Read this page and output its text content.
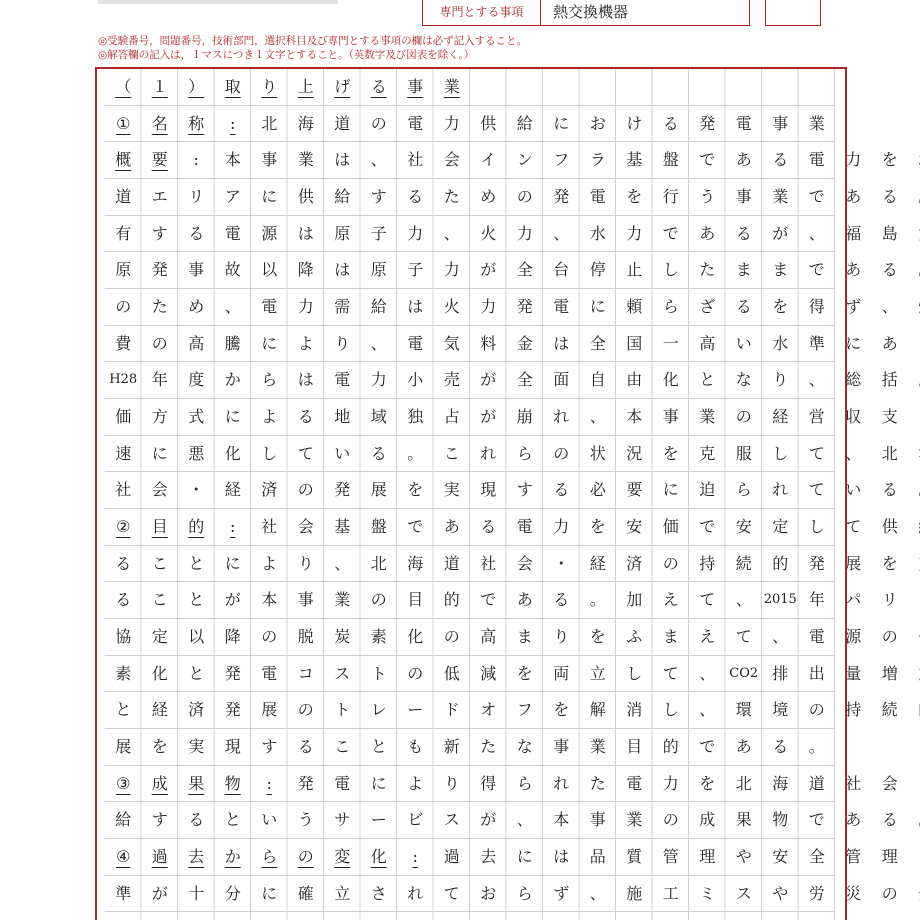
専門とする事項	熱交換機器
◎受験番号，問題番号，技術部門，選択科目及び専門とする事項の欄は必ず記入すること。
◎解答欄の記入は，１マスにつき１文字とすること。（英数字及び図表を除く。）
（	１	）	取	り	上	げ	る	事	業
①	名	称	:	北	海	道	の	電	力	供	給	に	お	け	る	発	電	事	業
概	要	:	本	事	業	は	、	社	会	イ	ン	フ	ラ	基	盤	で	あ	る	電	力	を
道	エ	リ	ア	に	供	給	す	る	た	め	の	発	電	を	行	う	事	業	で	あ	る
有	す	る	電	源	は	原	子	力	、	火	力	、	水	力	で	あ	る	が	、	福	島
原	発	事	故	以	降	は	原	子	力	が	全	台	停	止	し	た	ま	ま	で	あ	る
の	た	め	、	電	力	需	給	は	火	力	発	電	に	頼	ら	ざ	る	を	得	ず	、
費	の	高	騰	に	よ	り	、	電	気	料	金	は	全	国	一	高	い	水	準	に	あ
H28 年	度	か	ら	は	電	力	小	売	が	全	面	自	由	化	と	な	り	、	総	括
価	方	式	に	よ	る	地	域	独	占	が	崩	れ	、	本	事	業	の	経	営	収	支
速	に	悪	化	し	て	い	る	。	こ	れ	ら	の	状	況	を	克	服	し	て	、	北
社	会	・	経	済	の	発	展	を	実	現	す	る	必	要	に	迫	ら	れ	て	い	る
②	目	的	:	社	会	基	盤	で	あ	る	電	力	を	安	価	で	安	定	し	て	供
る	こ	と	に	よ	り	、	北	海	道	社	会	・	経	済	の	持	続	的	発	展	を
る	こ	と	が	本	事	業	の	目	的	で	あ	る	。	加	え	て	、 2015 年	パ	リ
協	定	以	降	の	脱	炭	素	化	の	高	ま	り	を	ふ	ま	え	て	、	電	源	の
素	化	と	発	電	コ	ス	ト	の	低	減	を	両	立	し	て	、	CO2 排	出	量	増
と	経	済	発	展	の	ト	レ	ー	ド	オ	フ	を	解	消	し	、	環	境	の	持	続
展	を	実	現	す	る	こ	と	も	新	た	な	事	業	目	的	で	あ	る	。
③	成	果	物	:	発	電	に	よ	り	得	ら	れ	た	電	力	を	北	海	道	社	会
給	す	る	と	い	う	サ	ー	ビ	ス	が	、	本	事	業	の	成	果	物	で	あ	る
④	過	去	か	ら	の	変	化	:	過	去	に	は	品	質	管	理	や	安	全	管	理
準	が	十	分	に	確	立	さ	れ	て	お	ら	ず	、	施	工	ミ	ス	や	労	災	の
